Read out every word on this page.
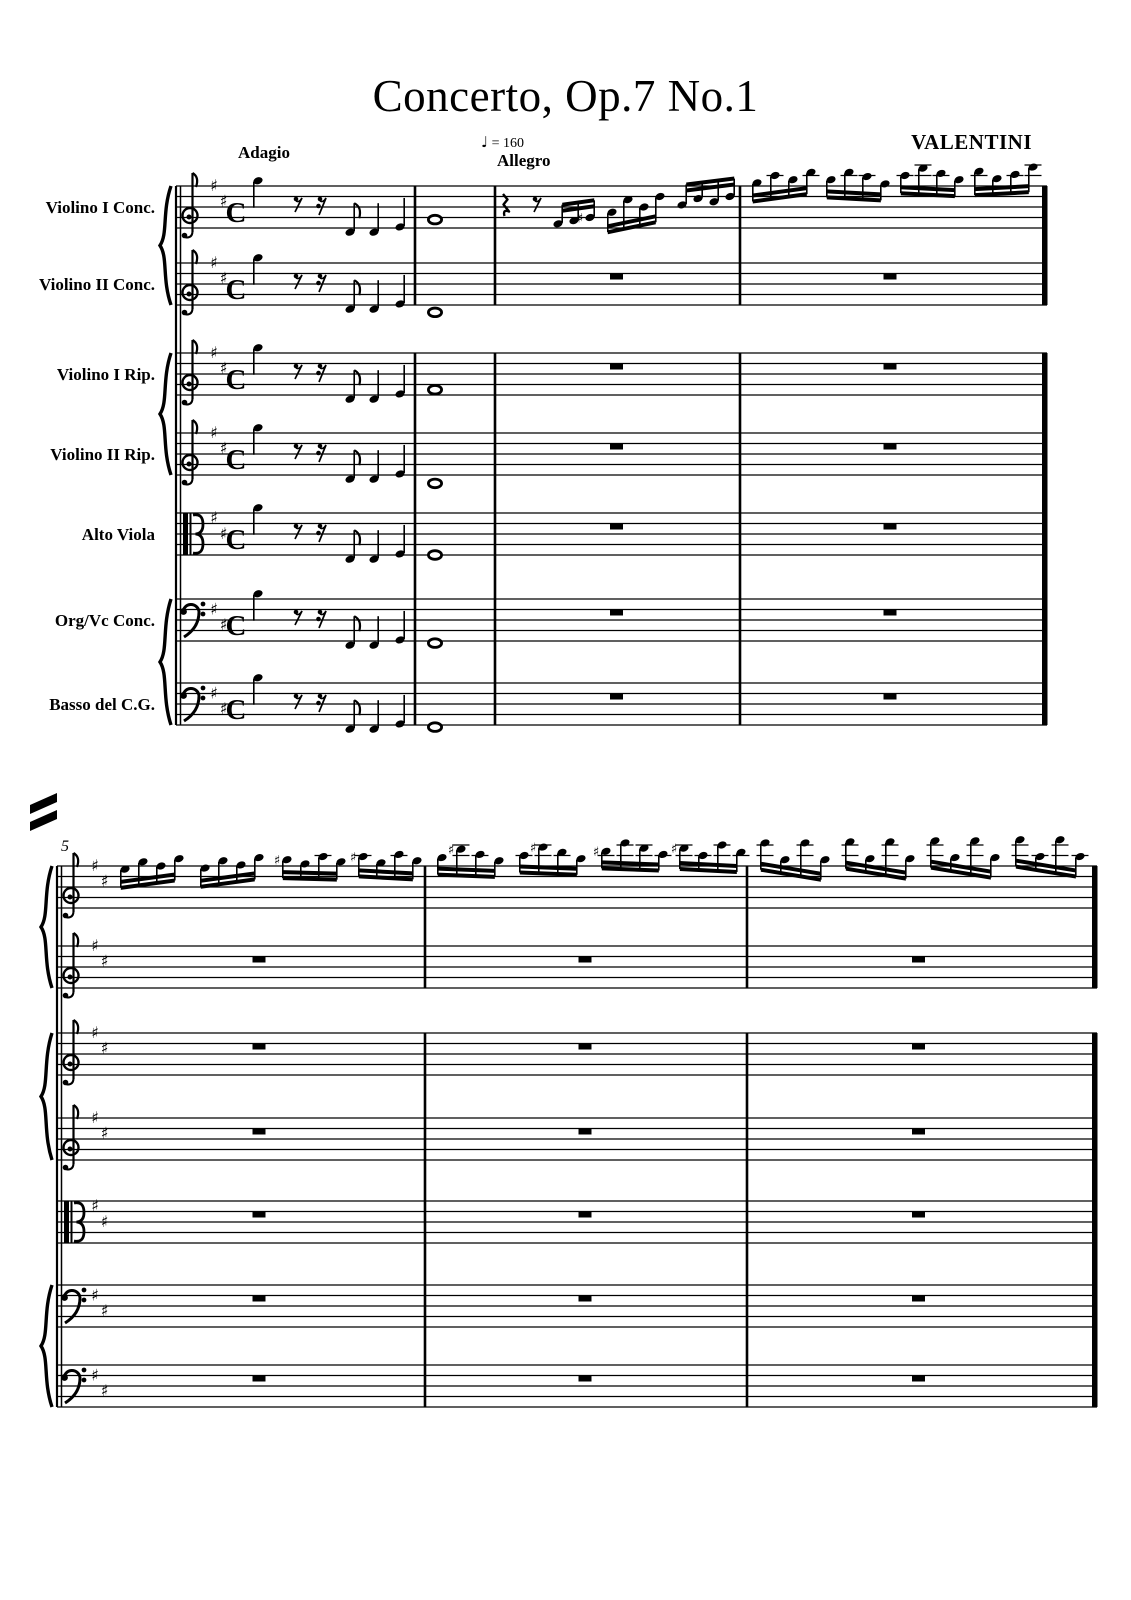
♯
♯
C
Violino I Conc.
♯
♯
C
Violino II Conc.
♯
♯
C
Violino I Rip.
♯
♯
C
Violino II Rip.
♯
♯
C
Alto Viola
♯
♯
C
Org/Vc Conc.
♯
♯
C
Basso del C.G.
♯
♯
♯
♯
♯
♯
♯
♯
♯
♯
♯
♯
♯
♯
♯
♯	♯	♯	♯	♯	♯
Concerto, Op.7 No.1
VALENTINI
Adagio
♩ = 160
Allegro
5
